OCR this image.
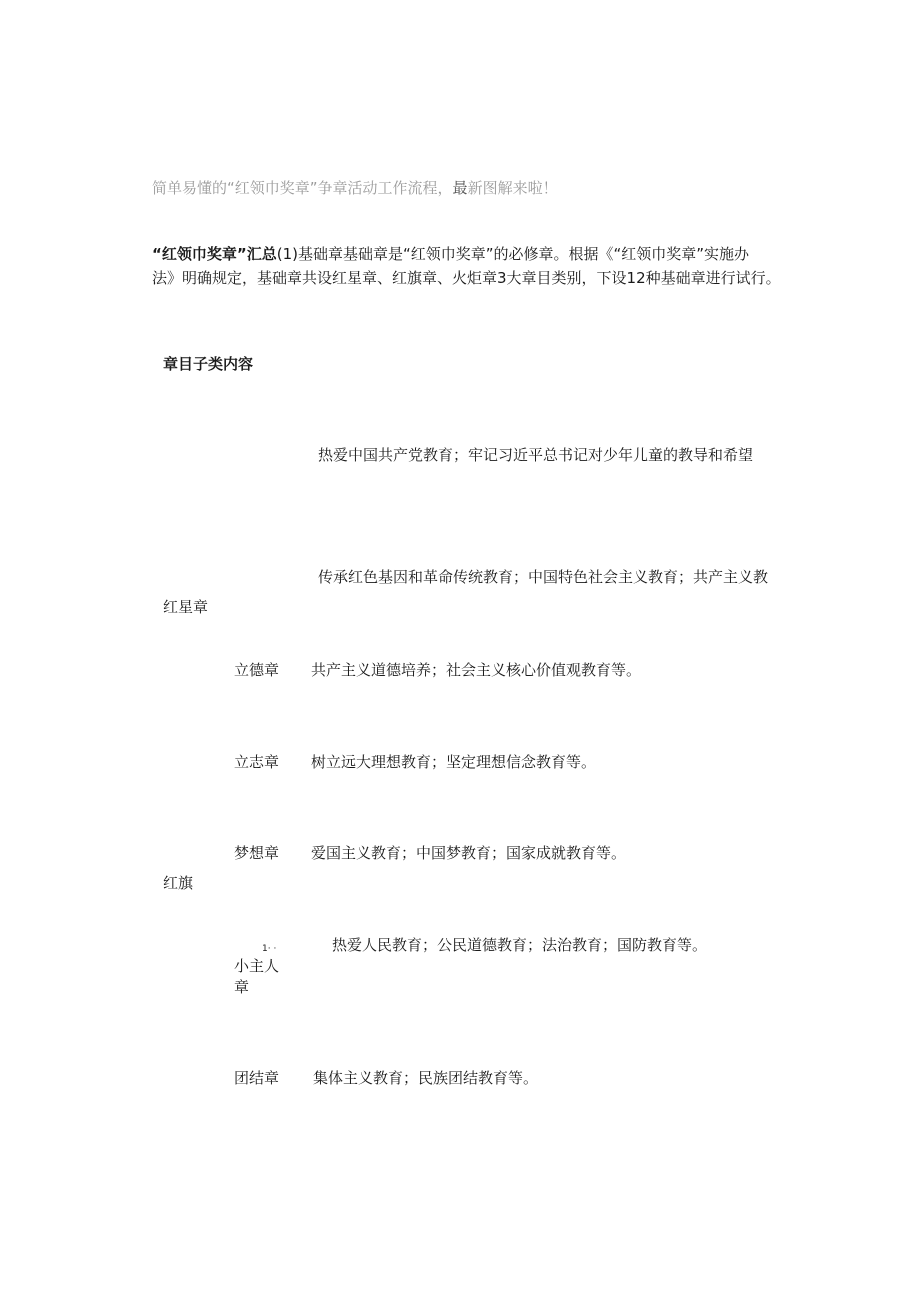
简单易懂的“红领巾奖章”争章活动工作流程，最新图解来啦！
“红领巾奖章”汇总(1)基础章基础章是“红领巾奖章”的必修章。根据《“红领巾奖章”实施办
法》明确规定，基础章共设红星章、红旗章、火炬章3大章目类别，下设12种基础章进行试行。
章目子类内容
热爱中国共产党教育；牢记习近平总书记对少年儿童的教导和希望
传承红色基因和革命传统教育；中国特色社会主义教育；共产主义教
红星章
立德章 共产主义道德培养；社会主义核心价值观教育等。
立志章 树立远大理想教育；坚定理想信念教育等。
梦想章 爱国主义教育；中国梦教育；国家成就教育等。
红旗
1· ·
小主人
章
热爱人民教育；公民道德教育；法治教育；国防教育等。
团结章 集体主义教育；民族团结教育等。
